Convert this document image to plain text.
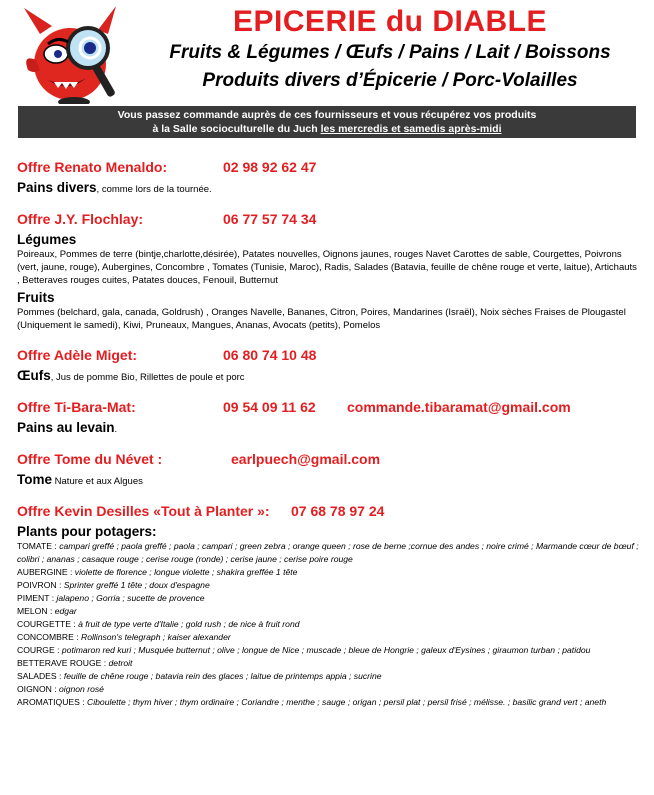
EPICERIE du DIABLE
Fruits & Légumes / Œufs / Pains / Lait / Boissons
Produits divers d’Épicerie / Porc-Volailles
Vous passez commande auprès de ces fournisseurs et vous récupérez vos produits
à la Salle socioculturelle du Juch les mercredis et samedis après-midi
Offre Renato Menaldo:	02 98 92 62 47
Pains divers, comme lors de la tournée.
Offre J.Y. Flochlay:	06 77 57 74 34
Légumes
Poireaux, Pommes de terre (bintje,charlotte,désirée), Patates nouvelles, Oignons jaunes, rouges Navet Carottes de sable, Courgettes, Poivrons (vert, jaune, rouge), Aubergines, Concombre , Tomates (Tunisie, Maroc), Radis, Salades (Batavia, feuille de chêne rouge et verte, laitue), Artichauts , Betteraves rouges cuites, Patates douces, Fenouil, Butternut
Fruits
Pommes (belchard, gala, canada, Goldrush) , Oranges Navelle, Bananes, Citron, Poires, Mandarines (Israël), Noix sèches Fraises de Plougastel (Uniquement le samedi), Kiwi, Pruneaux, Mangues, Ananas, Avocats (petits), Pomelos
Offre Adèle Miget:	06 80 74 10 48
Œufs, Jus de pomme Bio, Rillettes de poule et porc
Offre Ti-Bara-Mat:	09 54 09 11 62 commande.tibaramat@gmail.com
Pains au levain.
Offre Tome du Névet :	earlpuech@gmail.com
Tome Nature et aux Algues
Offre Kevin Desilles «Tout à Planter »: 07 68 78 97 24
Plants pour potagers:
TOMATE : campari greffé ; paola greffé ; paola ; campari ; green zebra ; orange queen ; rose de berne ;cornue des andes ; noire crimé ; Marmande cœur de bœuf ; colibri ; ananas ; casaque rouge ; cerise rouge (ronde) ; cerise jaune ; cerise poire rouge
AUBERGINE : violette de florence ; longue violette ; shakira greffée 1 tête
POIVRON : Sprinter greffé 1 tête ; doux d'espagne
PIMENT : jalapeno ; Gorria ; sucette de provence
MELON : edgar
COURGETTE : à fruit de type verte d'Italie ; gold rush ; de nice à fruit rond
CONCOMBRE : Rollinson's telegraph ; kaiser alexander
COURGE : potimaron red kuri ; Musquée butternut ; olive ; longue de Nice ; muscade ; bleue de Hongrie ; galeux d'Eysines ; giraumon turban ; patidou
BETTERAVE ROUGE : detroit
SALADES : feuille de chêne rouge ; batavia rein des glaces ; laitue de printemps appia ; sucrine
OIGNON : oignon rosé
AROMATIQUES : Ciboulette ; thym hiver ; thym ordinaire ; Coriandre ; menthe ; sauge ; origan ; persil plat ; persil frisé ; mélisse. ; basilic grand vert ; aneth
